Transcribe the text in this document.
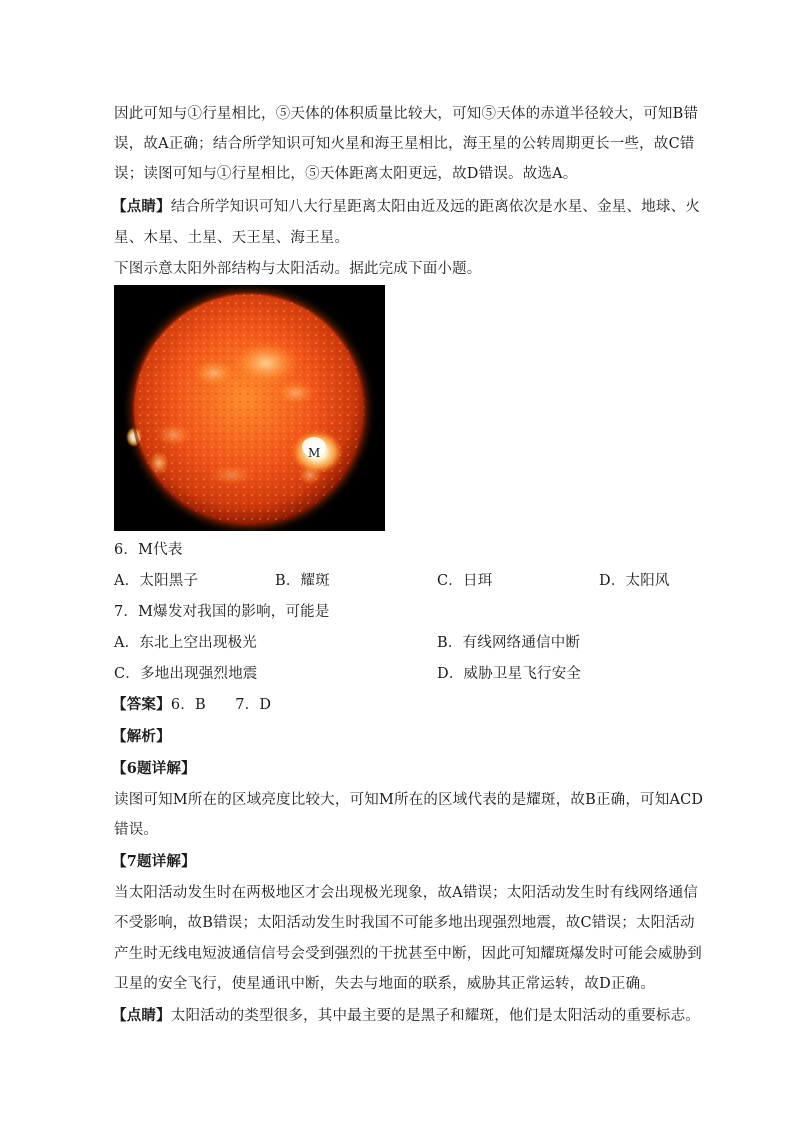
因此可知与①行星相比，⑤天体的体积质量比较大，可知⑤天体的赤道半径较大，可知B错
误，故A正确；结合所学知识可知火星和海王星相比，海王星的公转周期更长一些，故C错
误；读图可知与①行星相比，⑤天体距离太阳更远，故D错误。故选A。
【点睛】结合所学知识可知八大行星距离太阳由近及远的距离依次是水星、金星、地球、火
星、木星、土星、天王星、海王星。
下图示意太阳外部结构与太阳活动。据此完成下面小题。
M
6．M代表
A．太阳黑子	B．耀斑	C．日珥	D．太阳风
7．M爆发对我国的影响，可能是
A．东北上空出现极光	B．有线网络通信中断
C．多地出现强烈地震	D．威胁卫星飞行安全
【答案】6．B　　7．D
【解析】
【6题详解】
读图可知M所在的区域亮度比较大，可知M所在的区域代表的是耀斑，故B正确，可知ACD
错误。
【7题详解】
当太阳活动发生时在两极地区才会出现极光现象，故A错误；太阳活动发生时有线网络通信
不受影响，故B错误；太阳活动发生时我国不可能多地出现强烈地震，故C错误；太阳活动
产生时无线电短波通信信号会受到强烈的干扰甚至中断，因此可知耀斑爆发时可能会威胁到
卫星的安全飞行，使星通讯中断，失去与地面的联系，威胁其正常运转，故D正确。
【点睛】太阳活动的类型很多，其中最主要的是黑子和耀斑，他们是太阳活动的重要标志。
